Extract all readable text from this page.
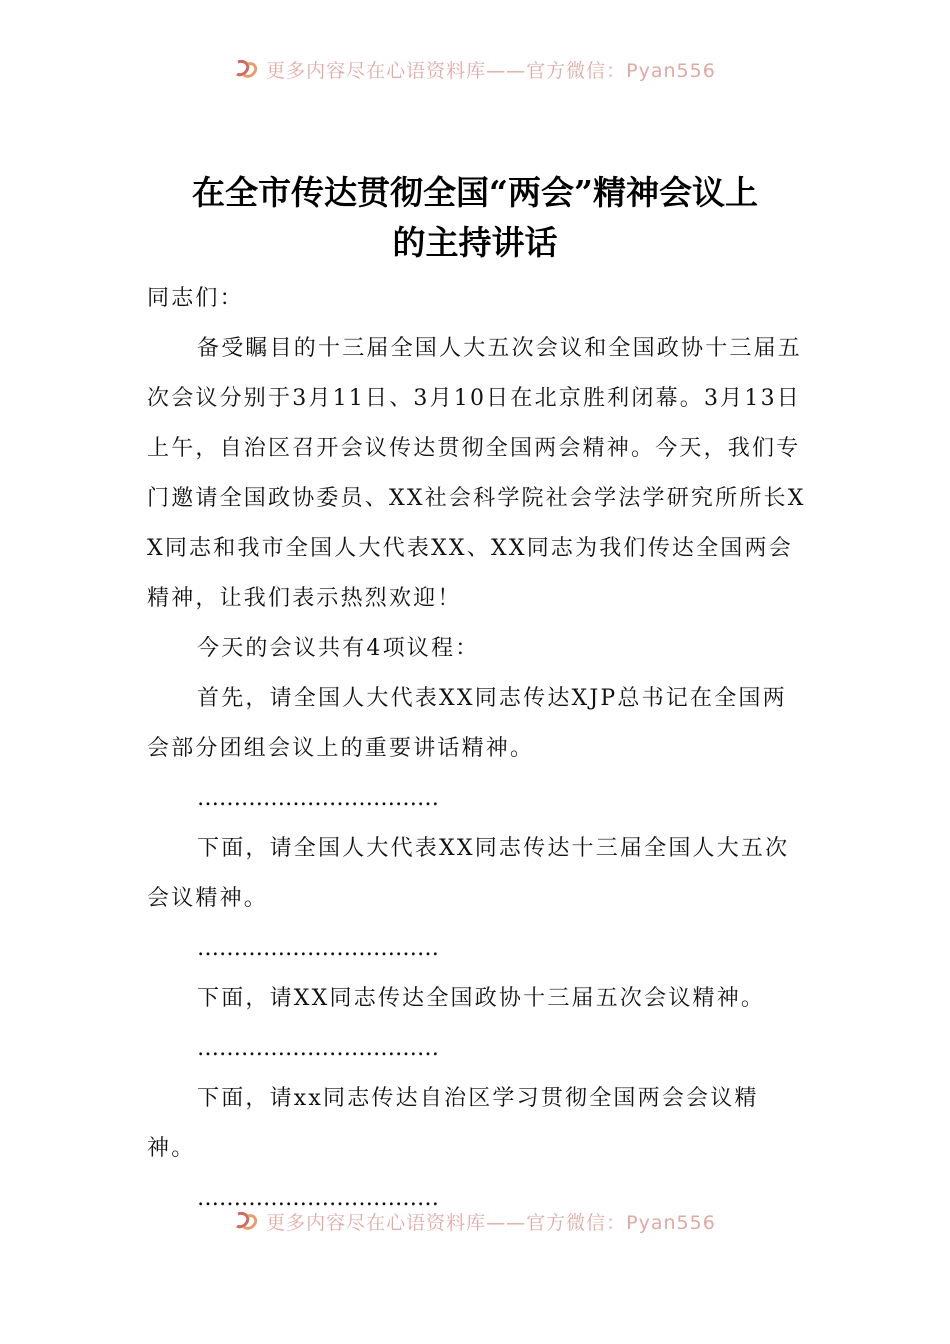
更多内容尽在心语资料库——官方微信：Pyan556
在全市传达贯彻全国“两会”精神会议上
的主持讲话

同志们：

备受瞩目的十三届全国人大五次会议和全国政协十三届五次会议分别于3月11日、3月10日在北京胜利闭幕。3月13日上午，自治区召开会议传达贯彻全国两会精神。今天，我们专门邀请全国政协委员、XX社会科学院社会学法学研究所所长XX同志和我市全国人大代表XX、XX同志为我们传达全国两会精神，让我们表示热烈欢迎！

今天的会议共有4项议程：

首先，请全国人大代表XX同志传达XJP总书记在全国两会部分团组会议上的重要讲话精神。

……………………………

下面，请全国人大代表XX同志传达十三届全国人大五次会议精神。

……………………………

下面，请XX同志传达全国政协十三届五次会议精神。

……………………………

下面，请xx同志传达自治区学习贯彻全国两会会议精神。

……………………………

更多内容尽在心语资料库——官方微信：Pyan556
